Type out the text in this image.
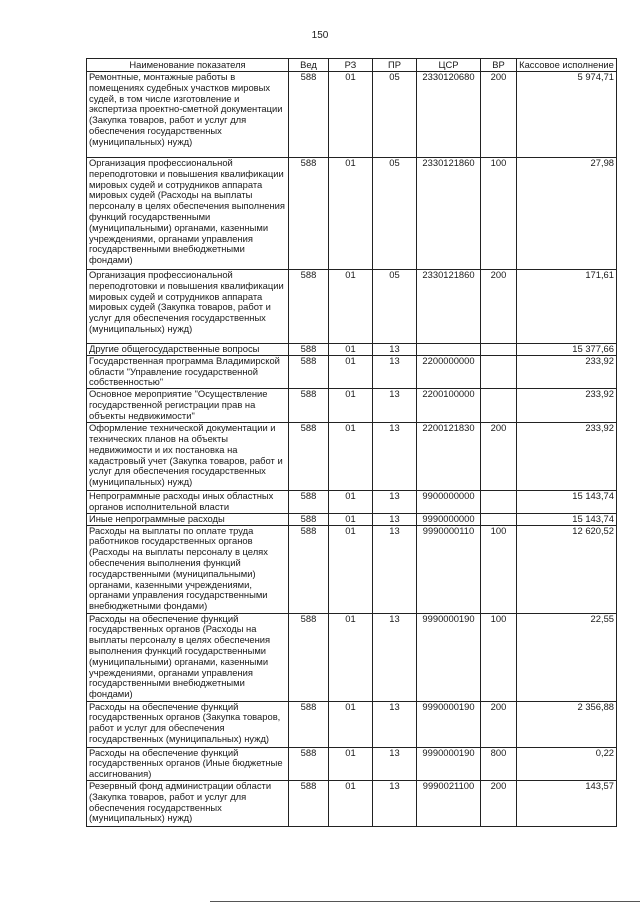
150
Наименование показателя	Вед	РЗ	ПР	ЦСР	ВР	Кассовое исполнение
Ремонтные, монтажные работы в помещениях судебных участков мировых судей, в том числе изготовление и экспертиза проектно-сметной документации (Закупка товаров, работ и услуг для обеспечения государственных (муниципальных) нужд)	588	01	05	2330120680	200	5 974,71
Организация профессиональной переподготовки и повышения квалификации мировых судей и сотрудников аппарата мировых судей (Расходы на выплаты персоналу в целях обеспечения выполнения функций государственными (муниципальными) органами, казенными учреждениями, органами управления государственными внебюджетными фондами)	588	01	05	2330121860	100	27,98
Организация профессиональной переподготовки и повышения квалификации мировых судей и сотрудников аппарата мировых судей (Закупка товаров, работ и услуг для обеспечения государственных (муниципальных) нужд)	588	01	05	2330121860	200	171,61
Другие общегосударственные вопросы	588	01	13			15 377,66
Государственная программа Владимирской области "Управление государственной собственностью"	588	01	13	2200000000		233,92
Основное мероприятие "Осуществление государственной регистрации прав на объекты недвижимости"	588	01	13	2200100000		233,92
Оформление технической документации и технических планов на объекты недвижимости и их постановка на кадастровый учет (Закупка товаров, работ и услуг для обеспечения государственных (муниципальных) нужд)	588	01	13	2200121830	200	233,92
Непрограммные расходы иных областных органов исполнительной власти	588	01	13	9900000000		15 143,74
Иные непрограммные расходы	588	01	13	9990000000		15 143,74
Расходы на выплаты по оплате труда работников государственных органов (Расходы на выплаты персоналу в целях обеспечения выполнения функций государственными (муниципальными) органами, казенными учреждениями, органами управления государственными внебюджетными фондами)	588	01	13	9990000110	100	12 620,52
Расходы на обеспечение функций государственных органов (Расходы на выплаты персоналу в целях обеспечения выполнения функций государственными (муниципальными) органами, казенными учреждениями, органами управления государственными внебюджетными фондами)	588	01	13	9990000190	100	22,55
Расходы на обеспечение функций государственных органов (Закупка товаров, работ и услуг для обеспечения государственных (муниципальных) нужд)	588	01	13	9990000190	200	2 356,88
Расходы на обеспечение функций государственных органов (Иные бюджетные ассигнования)	588	01	13	9990000190	800	0,22
Резервный фонд администрации области (Закупка товаров, работ и услуг для обеспечения государственных (муниципальных) нужд)	588	01	13	9990021100	200	143,57
